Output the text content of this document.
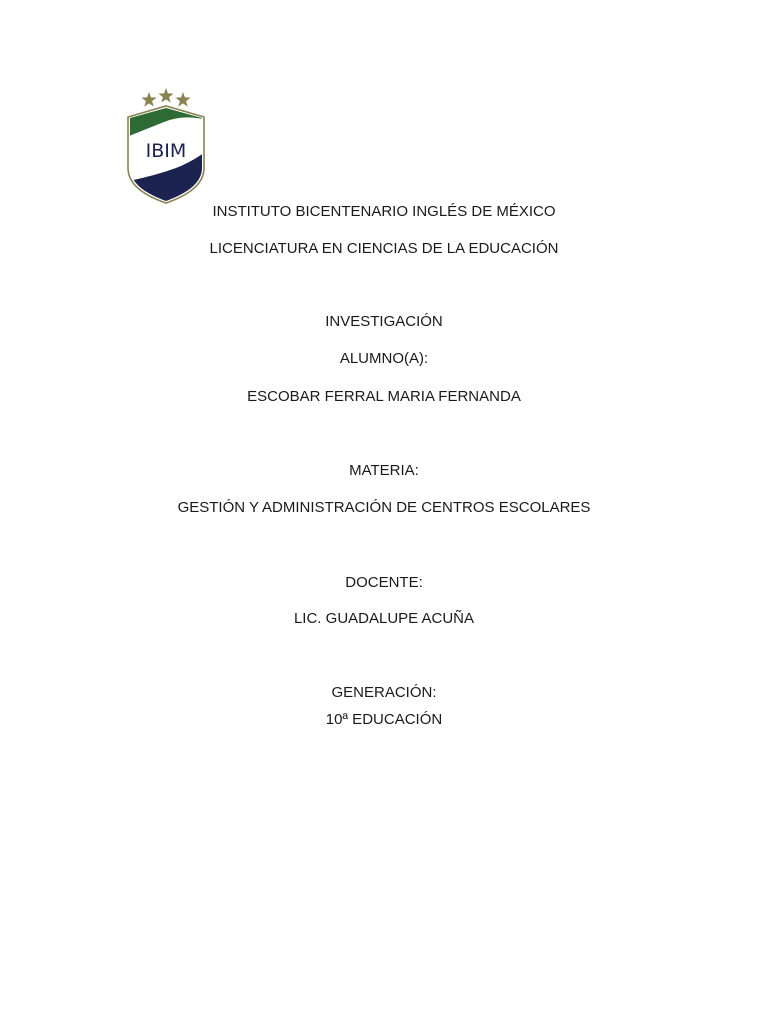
IBIM
INSTITUTO BICENTENARIO INGLÉS DE MÉXICO
LICENCIATURA EN CIENCIAS DE LA EDUCACIÓN
INVESTIGACIÓN
ALUMNO(A):
ESCOBAR FERRAL MARIA FERNANDA
MATERIA:
GESTIÓN Y ADMINISTRACIÓN DE CENTROS ESCOLARES
DOCENTE:
LIC. GUADALUPE ACUÑA
GENERACIÓN:
10ª EDUCACIÓN
